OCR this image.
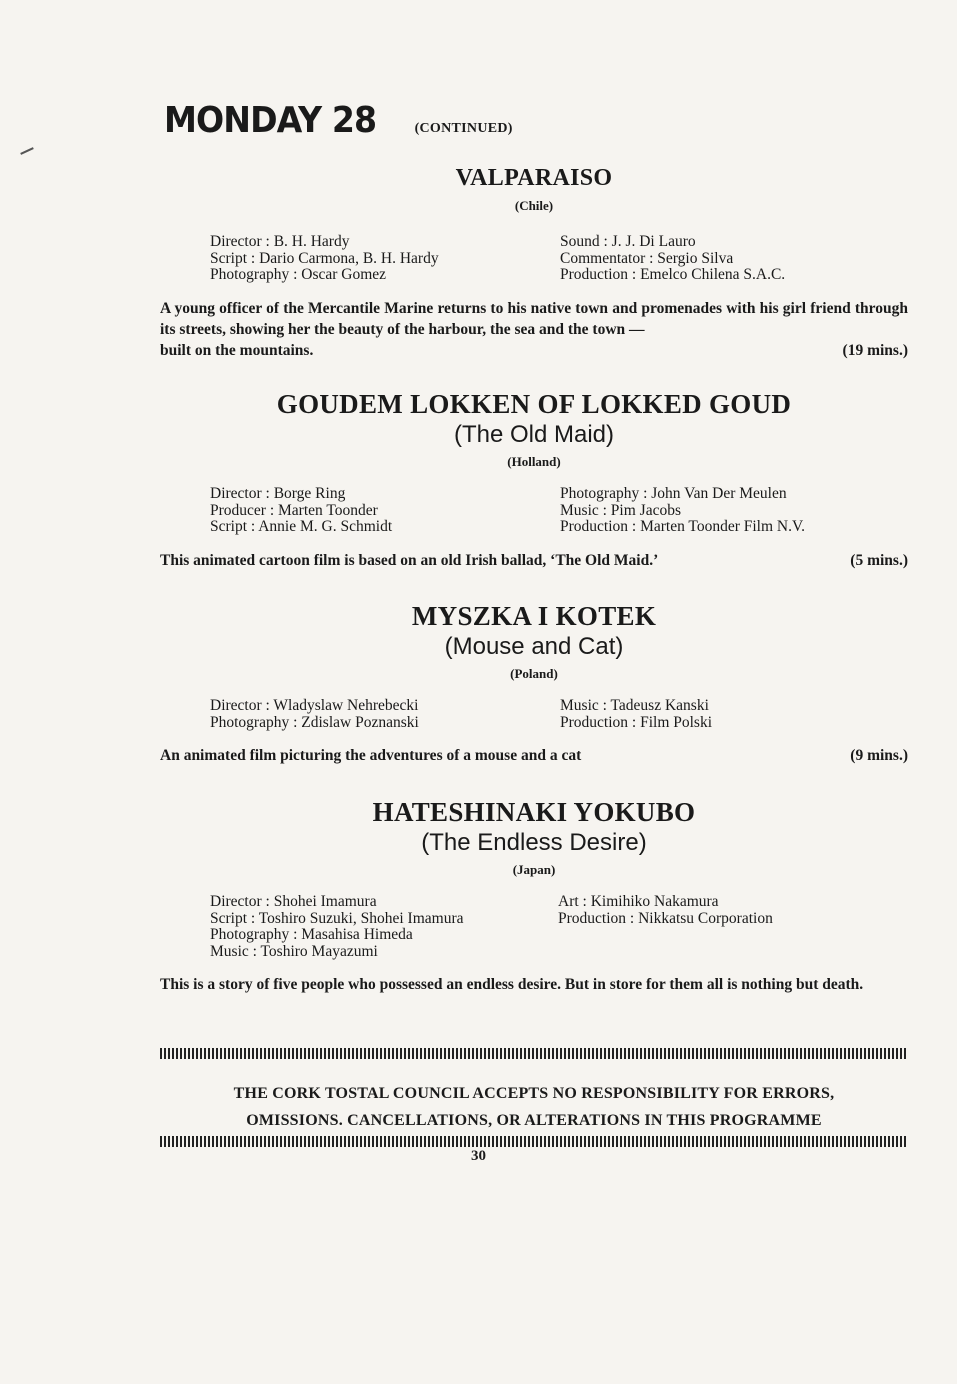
MONDAY 28	(CONTINUED)
VALPARAISO
(Chile)
Director : B. H. Hardy
Script : Dario Carmona, B. H. Hardy
Photography : Oscar Gomez
Sound : J. J. Di Lauro
Commentator : Sergio Silva
Production : Emelco Chilena S.A.C.
A young officer of the Mercantile Marine returns to his native town and promenades with his girl friend through its streets, showing her the beauty of the harbour, the sea and the town —
built on the mountains.	(19 mins.)
GOUDEM LOKKEN OF LOKKED GOUD
(The Old Maid)
(Holland)
Director : Borge Ring
Producer : Marten Toonder
Script : Annie M. G. Schmidt
Photography : John Van Der Meulen
Music : Pim Jacobs
Production : Marten Toonder Film N.V.
This animated cartoon film is based on an old Irish ballad, ‘The Old Maid.’	(5 mins.)
MYSZKA I KOTEK
(Mouse and Cat)
(Poland)
Director : Wladyslaw Nehrebecki
Photography : Zdislaw Poznanski
Music : Tadeusz Kanski
Production : Film Polski
An animated film picturing the adventures of a mouse and a cat	(9 mins.)
HATESHINAKI YOKUBO
(The Endless Desire)
(Japan)
Director : Shohei Imamura
Script : Toshiro Suzuki, Shohei Imamura
Photography : Masahisa Himeda
Music : Toshiro Mayazumi
Art : Kimihiko Nakamura
Production : Nikkatsu Corporation
This is a story of five people who possessed an endless desire. But in store for them all is nothing but death.
THE CORK TOSTAL COUNCIL ACCEPTS NO RESPONSIBILITY FOR ERRORS,
OMISSIONS. CANCELLATIONS, OR ALTERATIONS IN THIS PROGRAMME
30
